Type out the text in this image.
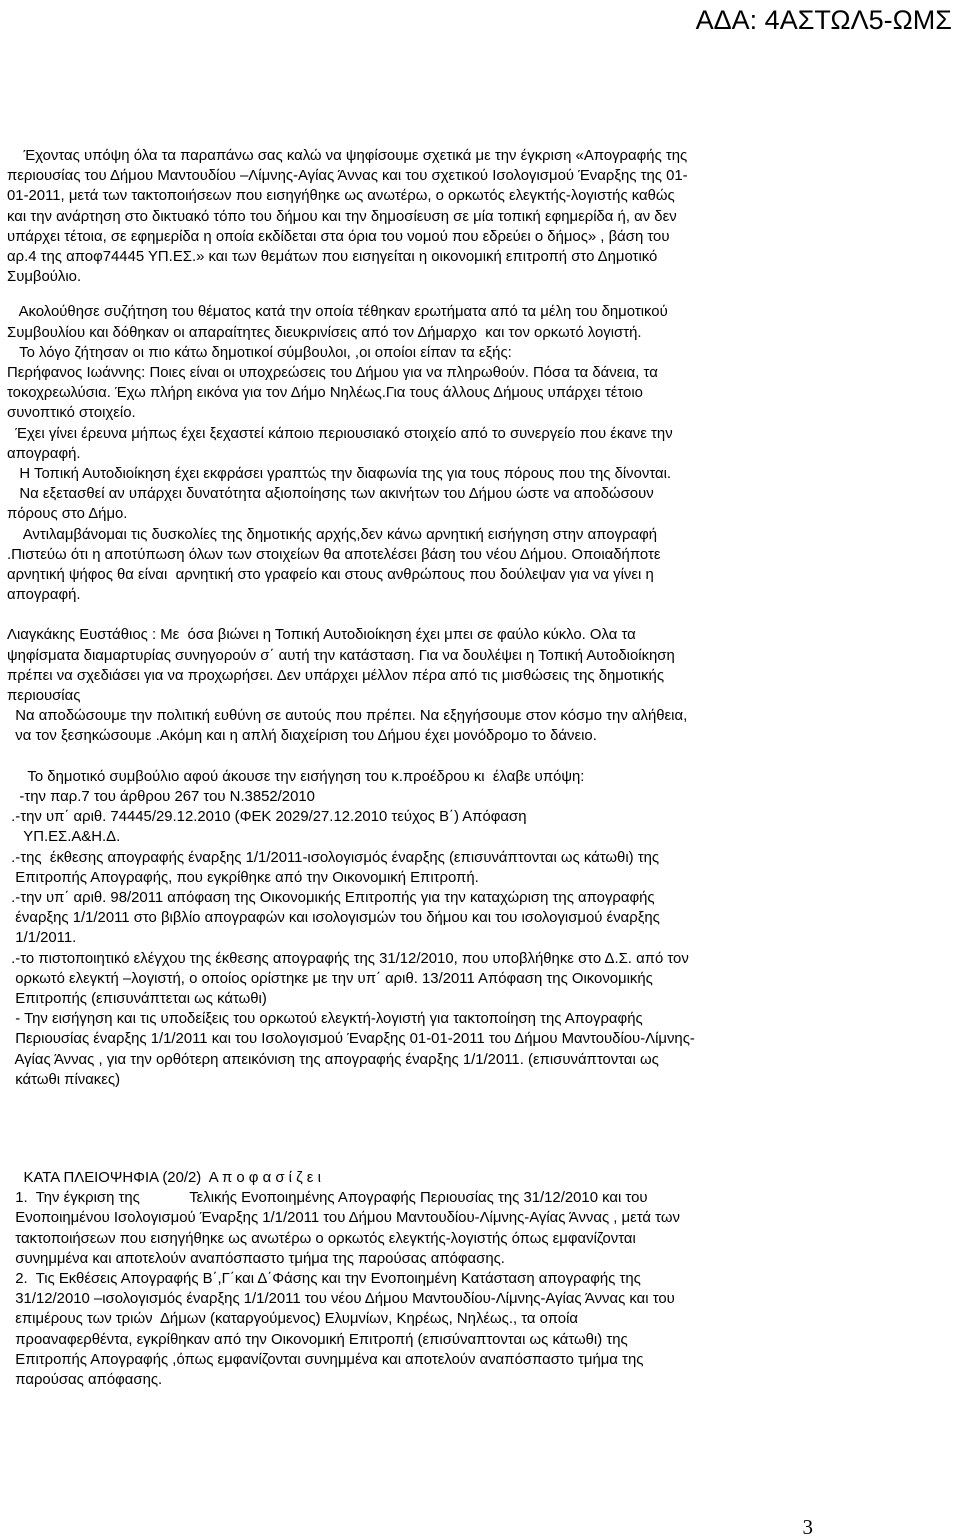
ΑΔΑ: 4ΑΣΤΩΛ5-ΩΜΣ
Έχοντας υπόψη όλα τα παραπάνω σας καλώ να ψηφίσουμε σχετικά με την έγκριση «Απογραφής της
περιουσίας του Δήμου Μαντουδίου –Λίμνης-Αγίας Άννας και του σχετικού Ισολογισμού Έναρξης της 01-
01-2011, μετά των τακτοποιήσεων που εισηγήθηκε ως ανωτέρω, ο ορκωτός ελεγκτής-λογιστής καθώς
και την ανάρτηση στο δικτυακό τόπο του δήμου και την δημοσίευση σε μία τοπική εφημερίδα ή, αν δεν
υπάρχει τέτοια, σε εφημερίδα η οποία εκδίδεται στα όρια του νομού που εδρεύει ο δήμος» , βάση του
αρ.4 της αποφ74445 ΥΠ.ΕΣ.» και των θεμάτων που εισηγείται η οικονομική επιτροπή στο Δημοτικό
Συμβούλιο.
Ακολούθησε συζήτηση του θέματος κατά την οποία τέθηκαν ερωτήματα από τα μέλη του δημοτικού
Συμβουλίου και δόθηκαν οι απαραίτητες διευκρινίσεις από τον Δήμαρχο  και τον ορκωτό λογιστή.
Το λόγο ζήτησαν οι πιο κάτω δημοτικοί σύμβουλοι, ,οι οποίοι είπαν τα εξής:
Περήφανος Ιωάννης: Ποιες είναι οι υποχρεώσεις του Δήμου για να πληρωθούν. Πόσα τα δάνεια, τα
τοκοχρεωλύσια. Έχω πλήρη εικόνα για τον Δήμο Νηλέως.Για τους άλλους Δήμους υπάρχει τέτοιο
συνοπτικό στοιχείο.
Έχει γίνει έρευνα μήπως έχει ξεχαστεί κάποιο περιουσιακό στοιχείο από το συνεργείο που έκανε την
απογραφή.
Η Τοπική Αυτοδιοίκηση έχει εκφράσει γραπτώς την διαφωνία της για τους πόρους που της δίνονται.
Να εξετασθεί αν υπάρχει δυνατότητα αξιοποίησης των ακινήτων του Δήμου ώστε να αποδώσουν
πόρους στο Δήμο.
Αντιλαμβάνομαι τις δυσκολίες της δημοτικής αρχής,δεν κάνω αρνητική εισήγηση στην απογραφή
.Πιστεύω ότι η αποτύπωση όλων των στοιχείων θα αποτελέσει βάση του νέου Δήμου. Οποιαδήποτε
αρνητική ψήφος θα είναι  αρνητική στο γραφείο και στους ανθρώπους που δούλεψαν για να γίνει η
απογραφή.
Λιαγκάκης Ευστάθιος : Με  όσα βιώνει η Τοπική Αυτοδιοίκηση έχει μπει σε φαύλο κύκλο. Ολα τα
ψηφίσματα διαμαρτυρίας συνηγορούν σ΄ αυτή την κατάσταση. Για να δουλέψει η Τοπική Αυτοδιοίκηση
πρέπει να σχεδιάσει για να προχωρήσει. Δεν υπάρχει μέλλον πέρα από τις μισθώσεις της δημοτικής
περιουσίας
Να αποδώσουμε την πολιτική ευθύνη σε αυτούς που πρέπει. Να εξηγήσουμε στον κόσμο την αλήθεια,
να τον ξεσηκώσουμε .Ακόμη και η απλή διαχείριση του Δήμου έχει μονόδρομο το δάνειο.
Το δημοτικό συμβούλιο αφού άκουσε την εισήγηση του κ.προέδρου κι  έλαβε υπόψη:
-την παρ.7 του άρθρου 267 του Ν.3852/2010
.-την υπ΄ αριθ. 74445/29.12.2010 (ΦΕΚ 2029/27.12.2010 τεύχος Β΄) Απόφαση
ΥΠ.ΕΣ.Α&Η.Δ.
.-της  έκθεσης απογραφής έναρξης 1/1/2011-ισολογισμός έναρξης (επισυνάπτονται ως κάτωθι) της
Επιτροπής Απογραφής, που εγκρίθηκε από την Οικονομική Επιτροπή.
.-την υπ΄ αριθ. 98/2011 απόφαση της Οικονομικής Επιτροπής για την καταχώριση της απογραφής
έναρξης 1/1/2011 στο βιβλίο απογραφών και ισολογισμών του δήμου και του ισολογισμού έναρξης
1/1/2011.
.-το πιστοποιητικό ελέγχου της έκθεσης απογραφής της 31/12/2010, που υποβλήθηκε στο Δ.Σ. από τον
ορκωτό ελεγκτή –λογιστή, ο οποίος ορίστηκε με την υπ΄ αριθ. 13/2011 Απόφαση της Οικονομικής
Επιτροπής (επισυνάπτεται ως κάτωθι)
- Την εισήγηση και τις υποδείξεις του ορκωτού ελεγκτή-λογιστή για τακτοποίηση της Απογραφής
Περιουσίας έναρξης 1/1/2011 και του Ισολογισμού Έναρξης 01-01-2011 του Δήμου Μαντουδίου-Λίμνης-
Αγίας Άννας , για την ορθότερη απεικόνιση της απογραφής έναρξης 1/1/2011. (επισυνάπτονται ως
κάτωθι πίνακες)
ΚΑΤΑ ΠΛΕΙΟΨΗΦΙΑ (20/2)  Α π ο φ α σ ί ζ ε ι
1.  Την έγκριση της            Τελικής Ενοποιημένης Απογραφής Περιουσίας της 31/12/2010 και του
Ενοποιημένου Ισολογισμού Έναρξης 1/1/2011 του Δήμου Μαντουδίου-Λίμνης-Αγίας Άννας , μετά των
τακτοποιήσεων που εισηγήθηκε ως ανωτέρω ο ορκωτός ελεγκτής-λογιστής όπως εμφανίζονται
συνημμένα και αποτελούν αναπόσπαστο τμήμα της παρούσας απόφασης.
2.  Τις Εκθέσεις Απογραφής Β΄,Γ΄και Δ΄Φάσης και την Ενοποιημένη Κατάσταση απογραφής της
31/12/2010 –ισολογισμός έναρξης 1/1/2011 του νέου Δήμου Μαντουδίου-Λίμνης-Αγίας Άννας και του
επιμέρους των τριών  Δήμων (καταργούμενος) Ελυμνίων, Κηρέως, Νηλέως., τα οποία
προαναφερθέντα, εγκρίθηκαν από την Οικονομική Επιτροπή (επισύναπτονται ως κάτωθι) της
Επιτροπής Απογραφής ,όπως εμφανίζονται συνημμένα και αποτελούν αναπόσπαστο τμήμα της
παρούσας απόφασης.
3
